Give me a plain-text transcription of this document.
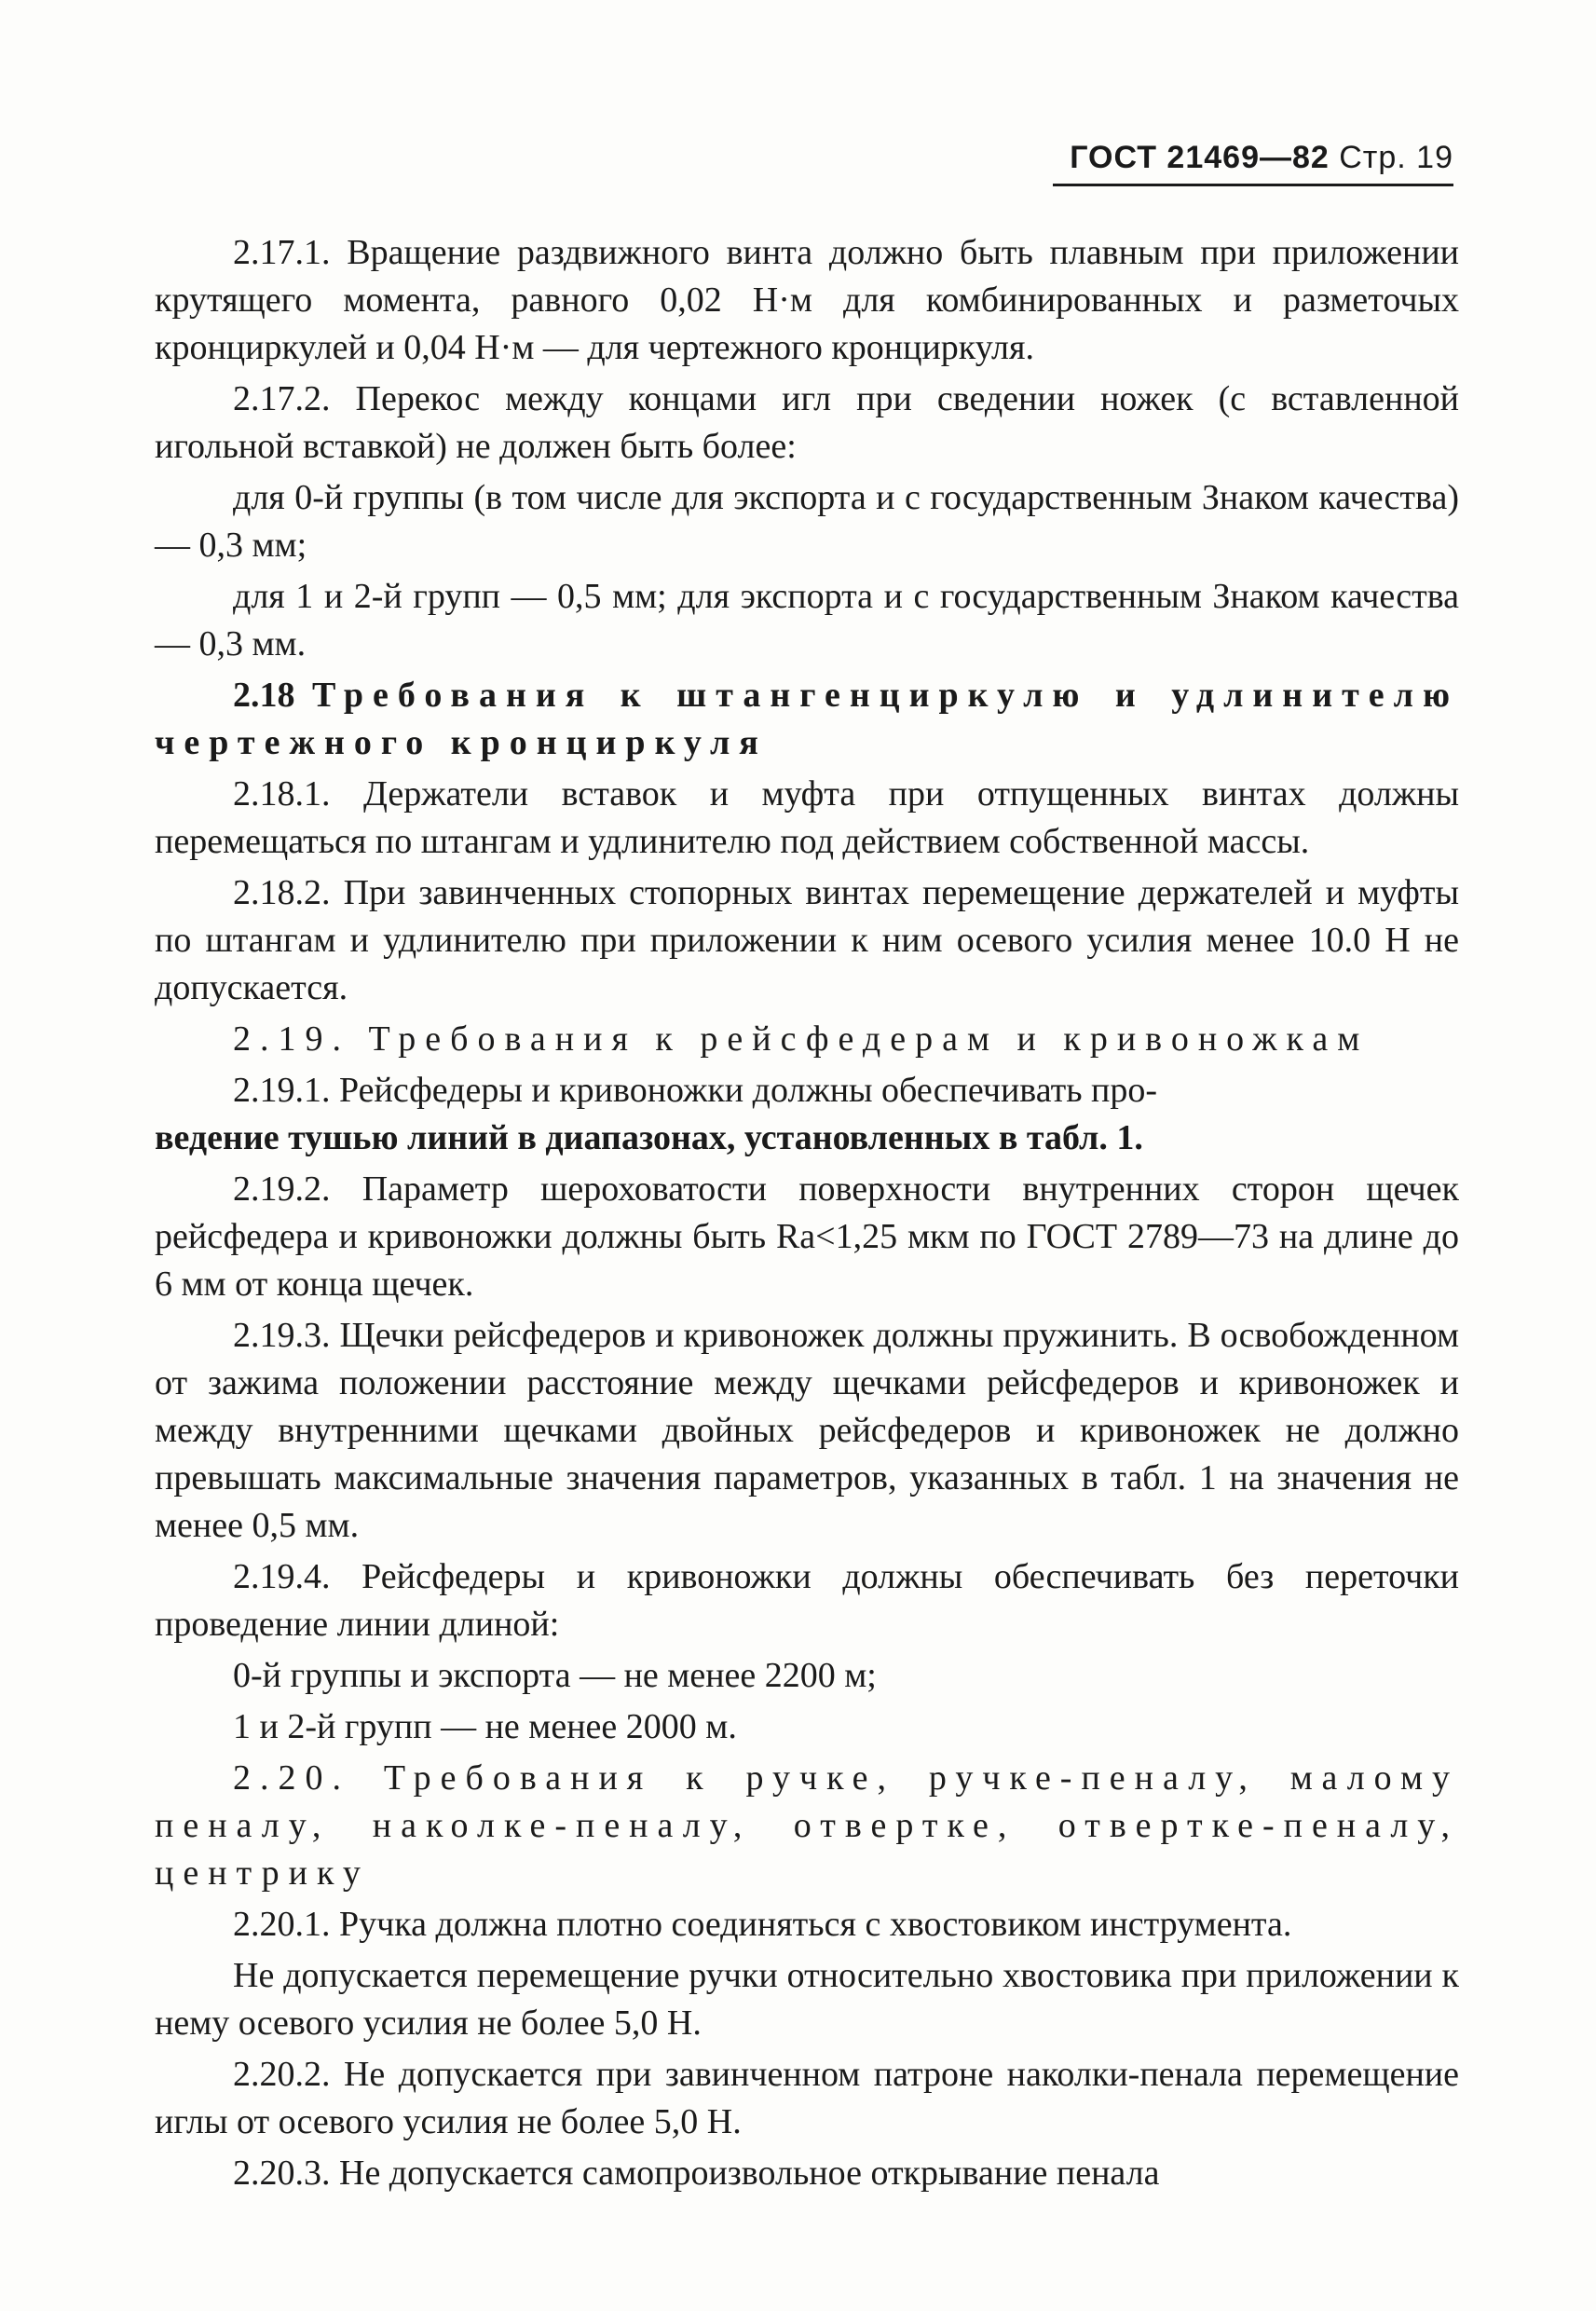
ГОСТ 21469—82 Стр. 19

2.17.1. Вращение раздвижного винта должно быть плавным при приложении крутящего момента, равного 0,02 Н·м для комбинированных и разметочых кронциркулей и 0,04 Н·м — для чертежного кронциркуля.

2.17.2. Перекос между концами игл при сведении ножек (с вставленной игольной вставкой) не должен быть более:

для 0-й группы (в том числе для экспорта и с государственным Знаком качества) — 0,3 мм;

для 1 и 2-й групп — 0,5 мм; для экспорта и с государственным Знаком качества — 0,3 мм.

2.18 Требования к штангенциркулю и удлинителю чертежного кронциркуля

2.18.1. Держатели вставок и муфта при отпущенных винтах должны перемещаться по штангам и удлинителю под действием собственной массы.

2.18.2. При завинченных стопорных винтах перемещение держателей и муфты по штангам и удлинителю при приложении к ним осевого усилия менее 10.0 Н не допускается.

2.19. Требования к рейсфедерам и кривоножкам

2.19.1. Рейсфедеры и кривоножки должны обеспечивать про-
ведение тушью линий в диапазонах, установленных в табл. 1.

2.19.2. Параметр шероховатости поверхности внутренних сторон щечек рейсфедера и кривоножки должны быть Ra<1,25 мкм по ГОСТ 2789—73 на длине до 6 мм от конца щечек.

2.19.3. Щечки рейсфедеров и кривоножек должны пружинить. В освобожденном от зажима положении расстояние между щечками рейсфедеров и кривоножек и между внутренними щечками двойных рейсфедеров и кривоножек не должно превышать максимальные значения параметров, указанных в табл. 1 на значения не менее 0,5 мм.

2.19.4. Рейсфедеры и кривоножки должны обеспечивать без переточки проведение линии длиной:

0-й группы и экспорта — не менее 2200 м;

1 и 2-й групп — не менее 2000 м.

2.20. Требования к ручке, ручке-пеналу, малому пеналу, наколке-пеналу, отвертке, отвертке-пеналу, центрику

2.20.1. Ручка должна плотно соединяться с хвостовиком инструмента.

Не допускается перемещение ручки относительно хвостовика при приложении к нему осевого усилия не более 5,0 Н.

2.20.2. Не допускается при завинченном патроне наколки-пенала перемещение иглы от осевого усилия не более 5,0 Н.

2.20.3. Не допускается самопроизвольное открывание пенала
